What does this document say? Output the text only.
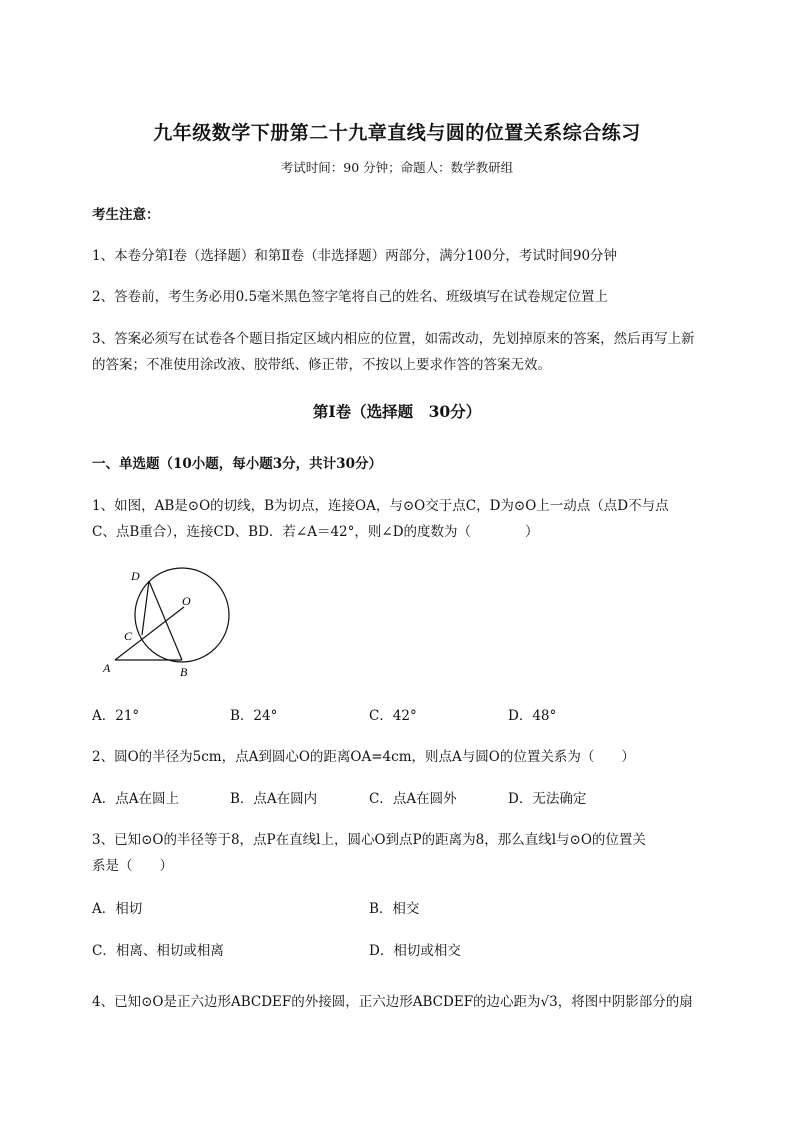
九年级数学下册第二十九章直线与圆的位置关系综合练习
考试时间：90 分钟；命题人：数学教研组
考生注意：
1、本卷分第Ⅰ卷（选择题）和第Ⅱ卷（非选择题）两部分，满分100分，考试时间90分钟
2、答卷前，考生务必用0.5毫米黑色签字笔将自己的姓名、班级填写在试卷规定位置上
3、答案必须写在试卷各个题目指定区域内相应的位置，如需改动，先划掉原来的答案，然后再写上新
的答案；不准使用涂改液、胶带纸、修正带，不按以上要求作答的答案无效。
第Ⅰ卷（选择题　30分）
一、单选题（10小题，每小题3分，共计30分）
1、如图，AB是⊙O的切线，B为切点，连接OA，与⊙O交于点C，D为⊙O上一动点（点D不与点
C、点B重合），连接CD、BD．若∠A＝42°，则∠D的度数为（　　　　）
D
O
C
A	B
A．21°	B．24°	C．42°	D．48°
2、圆O的半径为5cm，点A到圆心O的距离OA=4cm，则点A与圆O的位置关系为（　　）
A．点A在圆上	B．点A在圆内	C．点A在圆外	D．无法确定
3、已知⊙O的半径等于8，点P在直线l上，圆心O到点P的距离为8，那么直线l与⊙O的位置关
系是（　　）
A．相切	B．相交
C．相离、相切或相离	D．相切或相交
4、已知⊙O是正六边形ABCDEF的外接圆，正六边形ABCDEF的边心距为√3，将图中阴影部分的扇
